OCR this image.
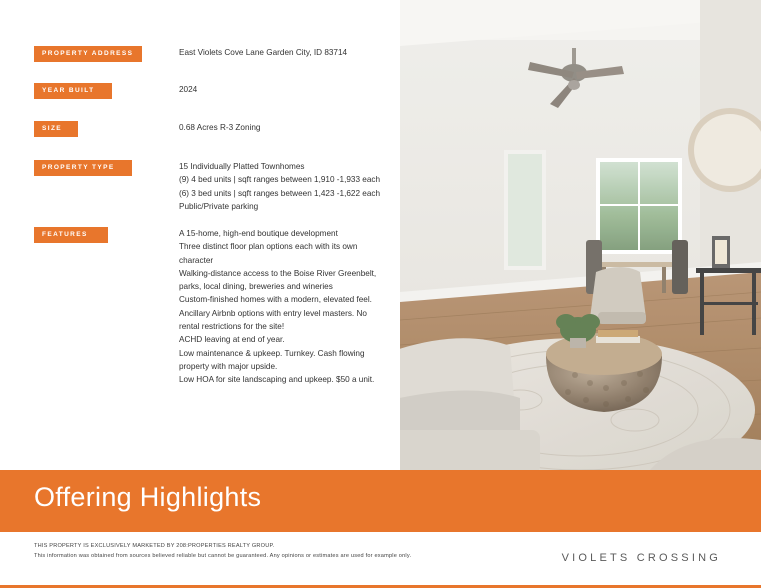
PROPERTY ADDRESS	East Violets Cove Lane Garden City, ID 83714
YEAR BUILT	2024
SIZE	0.68 Acres R-3 Zoning
PROPERTY TYPE	15 Individually Platted Townhomes
(9) 4 bed units | sqft ranges between 1,910 -1,933 each
(6) 3 bed units | sqft ranges between 1,423 -1,622 each
Public/Private parking
FEATURES	A 15-home, high-end boutique development
Three distinct floor plan options each with its own
character
Walking-distance access to the Boise River Greenbelt,
parks, local dining, breweries and wineries
Custom-finished homes with a modern, elevated feel.
Ancillary Airbnb options with entry level masters. No
rental restrictions for the site!
ACHD leaving at end of year.
Low maintenance & upkeep. Turnkey. Cash flowing
property with major upside.
Low HOA for site landscaping and upkeep. $50 a unit.
Offering Highlights
THIS PROPERTY IS EXCLUSIVELY MARKETED BY 208:PROPERTIES REALTY GROUP.
This information was obtained from sources believed reliable but cannot be guaranteed. Any opinions or estimates are used for example only.	VIOLETS CROSSING
